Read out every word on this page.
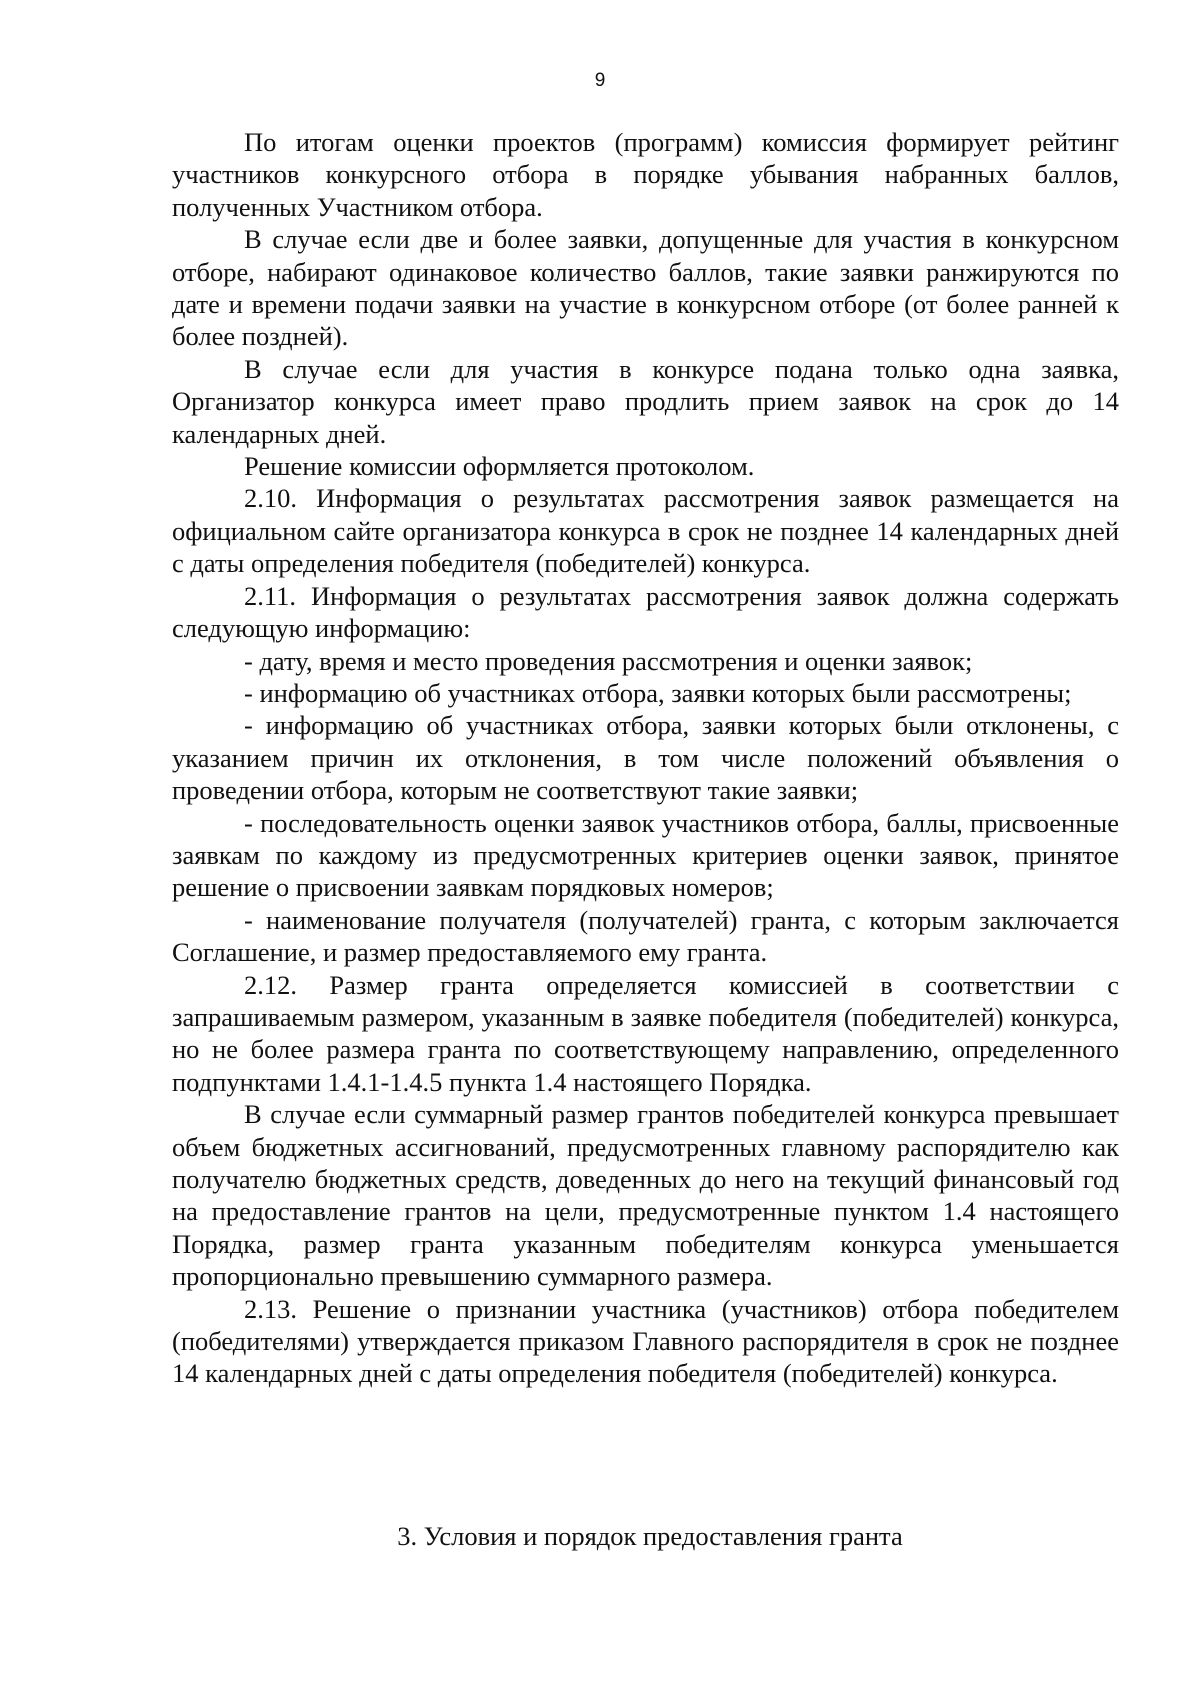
9

По итогам оценки проектов (программ) комиссия формирует рейтинг участников конкурсного отбора в порядке убывания набранных баллов, полученных Участником отбора.

В случае если две и более заявки, допущенные для участия в конкурсном отборе, набирают одинаковое количество баллов, такие заявки ранжируются по дате и времени подачи заявки на участие в конкурсном отборе (от более ранней к более поздней).

В случае если для участия в конкурсе подана только одна заявка, Организатор конкурса имеет право продлить прием заявок на срок до 14 календарных дней.

Решение комиссии оформляется протоколом.

2.10. Информация о результатах рассмотрения заявок размещается на официальном сайте организатора конкурса в срок не позднее 14 календарных дней с даты определения победителя (победителей) конкурса.

2.11. Информация о результатах рассмотрения заявок должна содержать следующую информацию:

- дату, время и место проведения рассмотрения и оценки заявок;

- информацию об участниках отбора, заявки которых были рассмотрены;

- информацию об участниках отбора, заявки которых были отклонены, с указанием причин их отклонения, в том числе положений объявления о проведении отбора, которым не соответствуют такие заявки;

- последовательность оценки заявок участников отбора, баллы, присвоенные заявкам по каждому из предусмотренных критериев оценки заявок, принятое решение о присвоении заявкам порядковых номеров;

- наименование получателя (получателей) гранта, с которым заключается Соглашение, и размер предоставляемого ему гранта.

2.12. Размер гранта определяется комиссией в соответствии с запрашиваемым размером, указанным в заявке победителя (победителей) конкурса, но не более размера гранта по соответствующему направлению, определенного подпунктами 1.4.1-1.4.5 пункта 1.4 настоящего Порядка.

В случае если суммарный размер грантов победителей конкурса превышает объем бюджетных ассигнований, предусмотренных главному распорядителю как получателю бюджетных средств, доведенных до него на текущий финансовый год на предоставление грантов на цели, предусмотренные пунктом 1.4 настоящего Порядка, размер гранта указанным победителям конкурса уменьшается пропорционально превышению суммарного размера.

2.13. Решение о признании участника (участников) отбора победителем (победителями) утверждается приказом Главного распорядителя в срок не позднее 14 календарных дней с даты определения победителя (победителей) конкурса.

3. Условия и порядок предоставления гранта
